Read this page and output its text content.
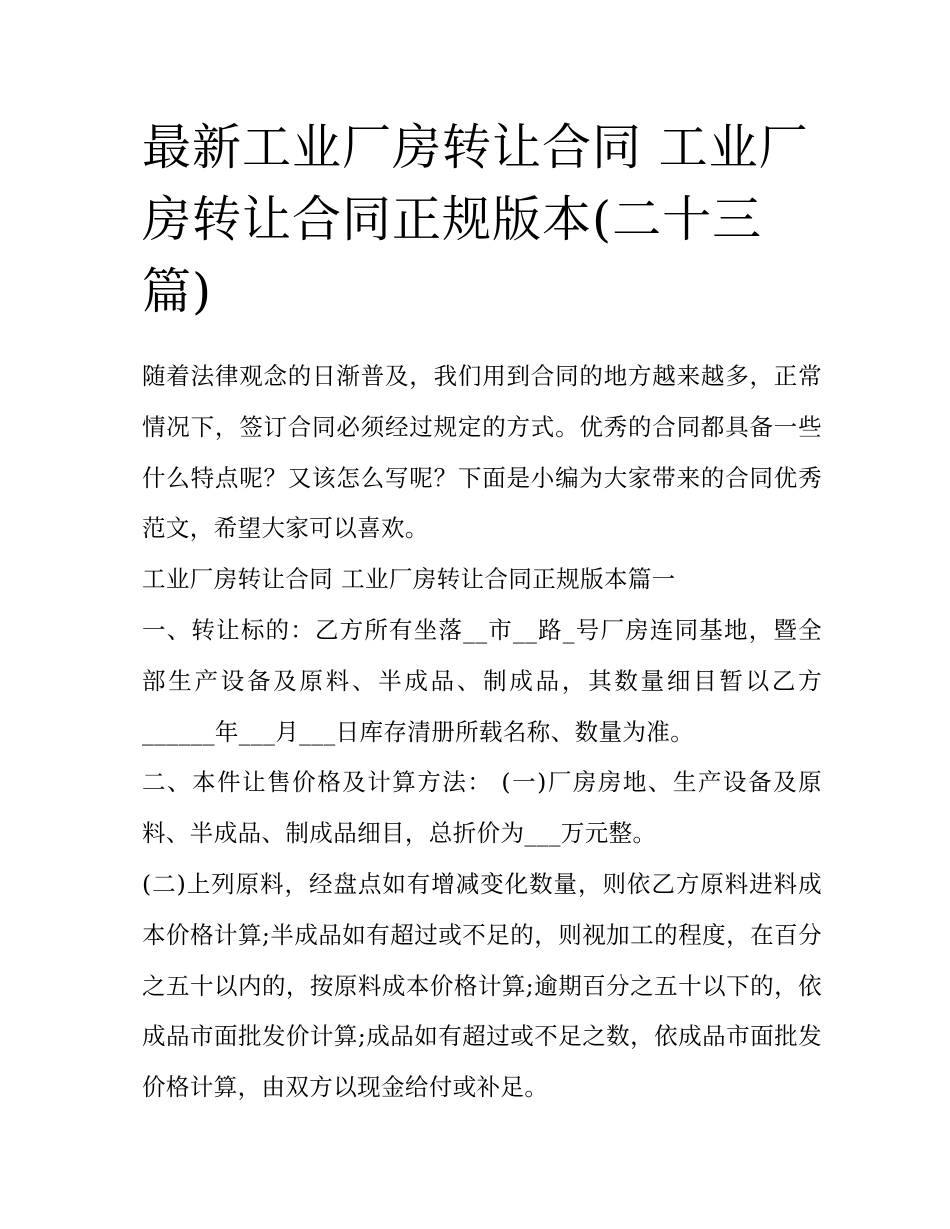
最新工业厂房转让合同 工业厂房转让合同正规版本(二十三篇)

随着法律观念的日渐普及，我们用到合同的地方越来越多，正常情况下，签订合同必须经过规定的方式。优秀的合同都具备一些什么特点呢？又该怎么写呢？下面是小编为大家带来的合同优秀范文，希望大家可以喜欢。

工业厂房转让合同 工业厂房转让合同正规版本篇一

一、转让标的：乙方所有坐落__市__路_号厂房连同基地，暨全部生产设备及原料、半成品、制成品，其数量细目暂以乙方______年___月___日库存清册所载名称、数量为准。

二、本件让售价格及计算方法： (一)厂房房地、生产设备及原料、半成品、制成品细目，总折价为___万元整。

(二)上列原料，经盘点如有增减变化数量，则依乙方原料进料成本价格计算;半成品如有超过或不足的，则视加工的程度，在百分之五十以内的，按原料成本价格计算;逾期百分之五十以下的，依成品市面批发价计算;成品如有超过或不足之数，依成品市面批发价格计算，由双方以现金给付或补足。
